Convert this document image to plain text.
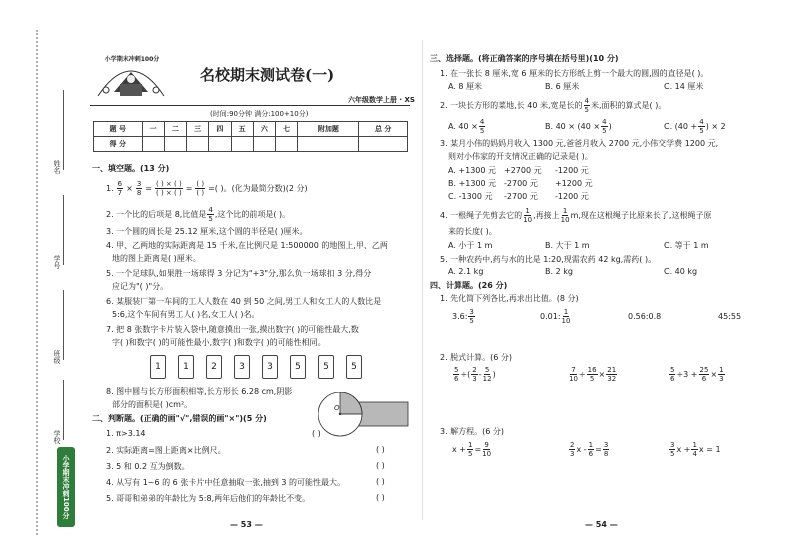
姓名
学号
班级
学校
小学期末冲刺100分
小学期末冲刺100分
名校期末测试卷(一)
六年级数学上册 · XS
(时间:90分钟 满分:100+10分)
题 号	一	二	三	四	五	六	七	附加题	总 分
得 分									
一、填空题。(13 分)
1. $\frac{6}{7} \times \frac{3}{8} = \frac{( ) \times ( )}{( ) \times ( )} = \frac{( )}{( )}$ =( )。(化为最简分数)(2 分)
2. 一个比的后项是 8,比值是 $\frac{4}{5}$ ,这个比的前项是( )。
3. 一个圆的周长是 25.12 厘米,这个圆的半径是( )厘米。
4. 甲、乙两地的实际距离是 15 千米,在比例尺是 1:500000 的地图上,甲、乙两
地的图上距离是( )厘米。
5. 一个足球队,如果胜一场球得 3 分记为"+3"分,那么负一场球扣 3 分,得分
应记为"( )"分。
6. 某服装厂第一车间的工人人数在 40 到 50 之间,男工人和女工人的人数比是
5:6,这个车间有男工人( )名,女工人( )名。
7. 把 8 张数字卡片装入袋中,随意摸出一张,摸出数字( )的可能性最大,数
字( )和数字( )的可能性最小,数字( )和数字( )的可能性相同。
1	1	2	3	3	5	5	5
8. 图中圆与长方形面积相等,长方形长 6.28 cm,阴影
部分的面积是( )cm²。	O
二、判断题。(正确的画"√",错误的画"×")(5 分)
1. π>3.14	( )
2. 实际距离=图上距离×比例尺。	( )
3. 5 和 0.2 互为倒数。	( )
4. 从写有 1~6 的 6 张卡片中任意抽取一张,抽到 3 的可能性最大。	( )
5. 哥哥和弟弟的年龄比为 5:8,两年后他们的年龄比不变。	( )
— 53 —
三、选择题。(将正确答案的序号填在括号里)(10 分)
1. 在一张长 8 厘米,宽 6 厘米的长方形纸上剪一个最大的圆,圆的直径是( )。
A. 8 厘米	B. 6 厘米	C. 14 厘米
2. 一块长方形的菜地,长 40 米,宽是长的 $\frac{4}{5}$ 米,面积的算式是( )。
A. $40 \times \frac{4}{5}$	B. $40 \times (40 \times \frac{4}{5}$ )	C. ($40 + \frac{4}{5}$ ) × 2
3. 某月小伟的妈妈月收入 1300 元,爸爸月收入 2700 元,小伟交学费 1200 元,
则对小伟家的开支情况正确的记录是( )。
A. +1300 元 +2700 元 -1200 元
B. +1300 元 -2700 元 +1200 元
C. -1300 元 -2700 元 -1200 元
4. 一根绳子先剪去它的 $\frac{1}{10}$ ,再接上 $\frac{1}{10} m$,现在这根绳子比原来长了,这根绳子原
来的长度( )。
A. 小于 1 m	B. 大于 1 m	C. 等于 1 m
5. 一种农药中,药与水的比是 1:20,现需农药 42 kg,需药( )。
A. 2.1 kg	B. 2 kg	C. 40 kg
四、计算题。(26 分)
1. 先化简下列各比,再求出比值。(8 分)
3.6: $\frac{3}{5}$	0.01: $\frac{1}{10}$	0.56:0.8	45:55
2. 脱式计算。(6 分)
$\frac{5}{6}$ ÷( $\frac{2}{3} - \frac{5}{12}$ )	$\frac{7}{10} \div \frac{16}{5} \times \frac{21}{32}$	$\frac{5}{6} \div 3 + \frac{25}{6} \times \frac{1}{3}$
3. 解方程。(6 分)
$x + \frac{1}{5} = \frac{9}{10}$	$\frac{2}{3}$ $x - \frac{1}{6} = \frac{3}{8}$	$\frac{3}{5}$ $x + \frac{1}{4}$ x = 1
— 54 —
